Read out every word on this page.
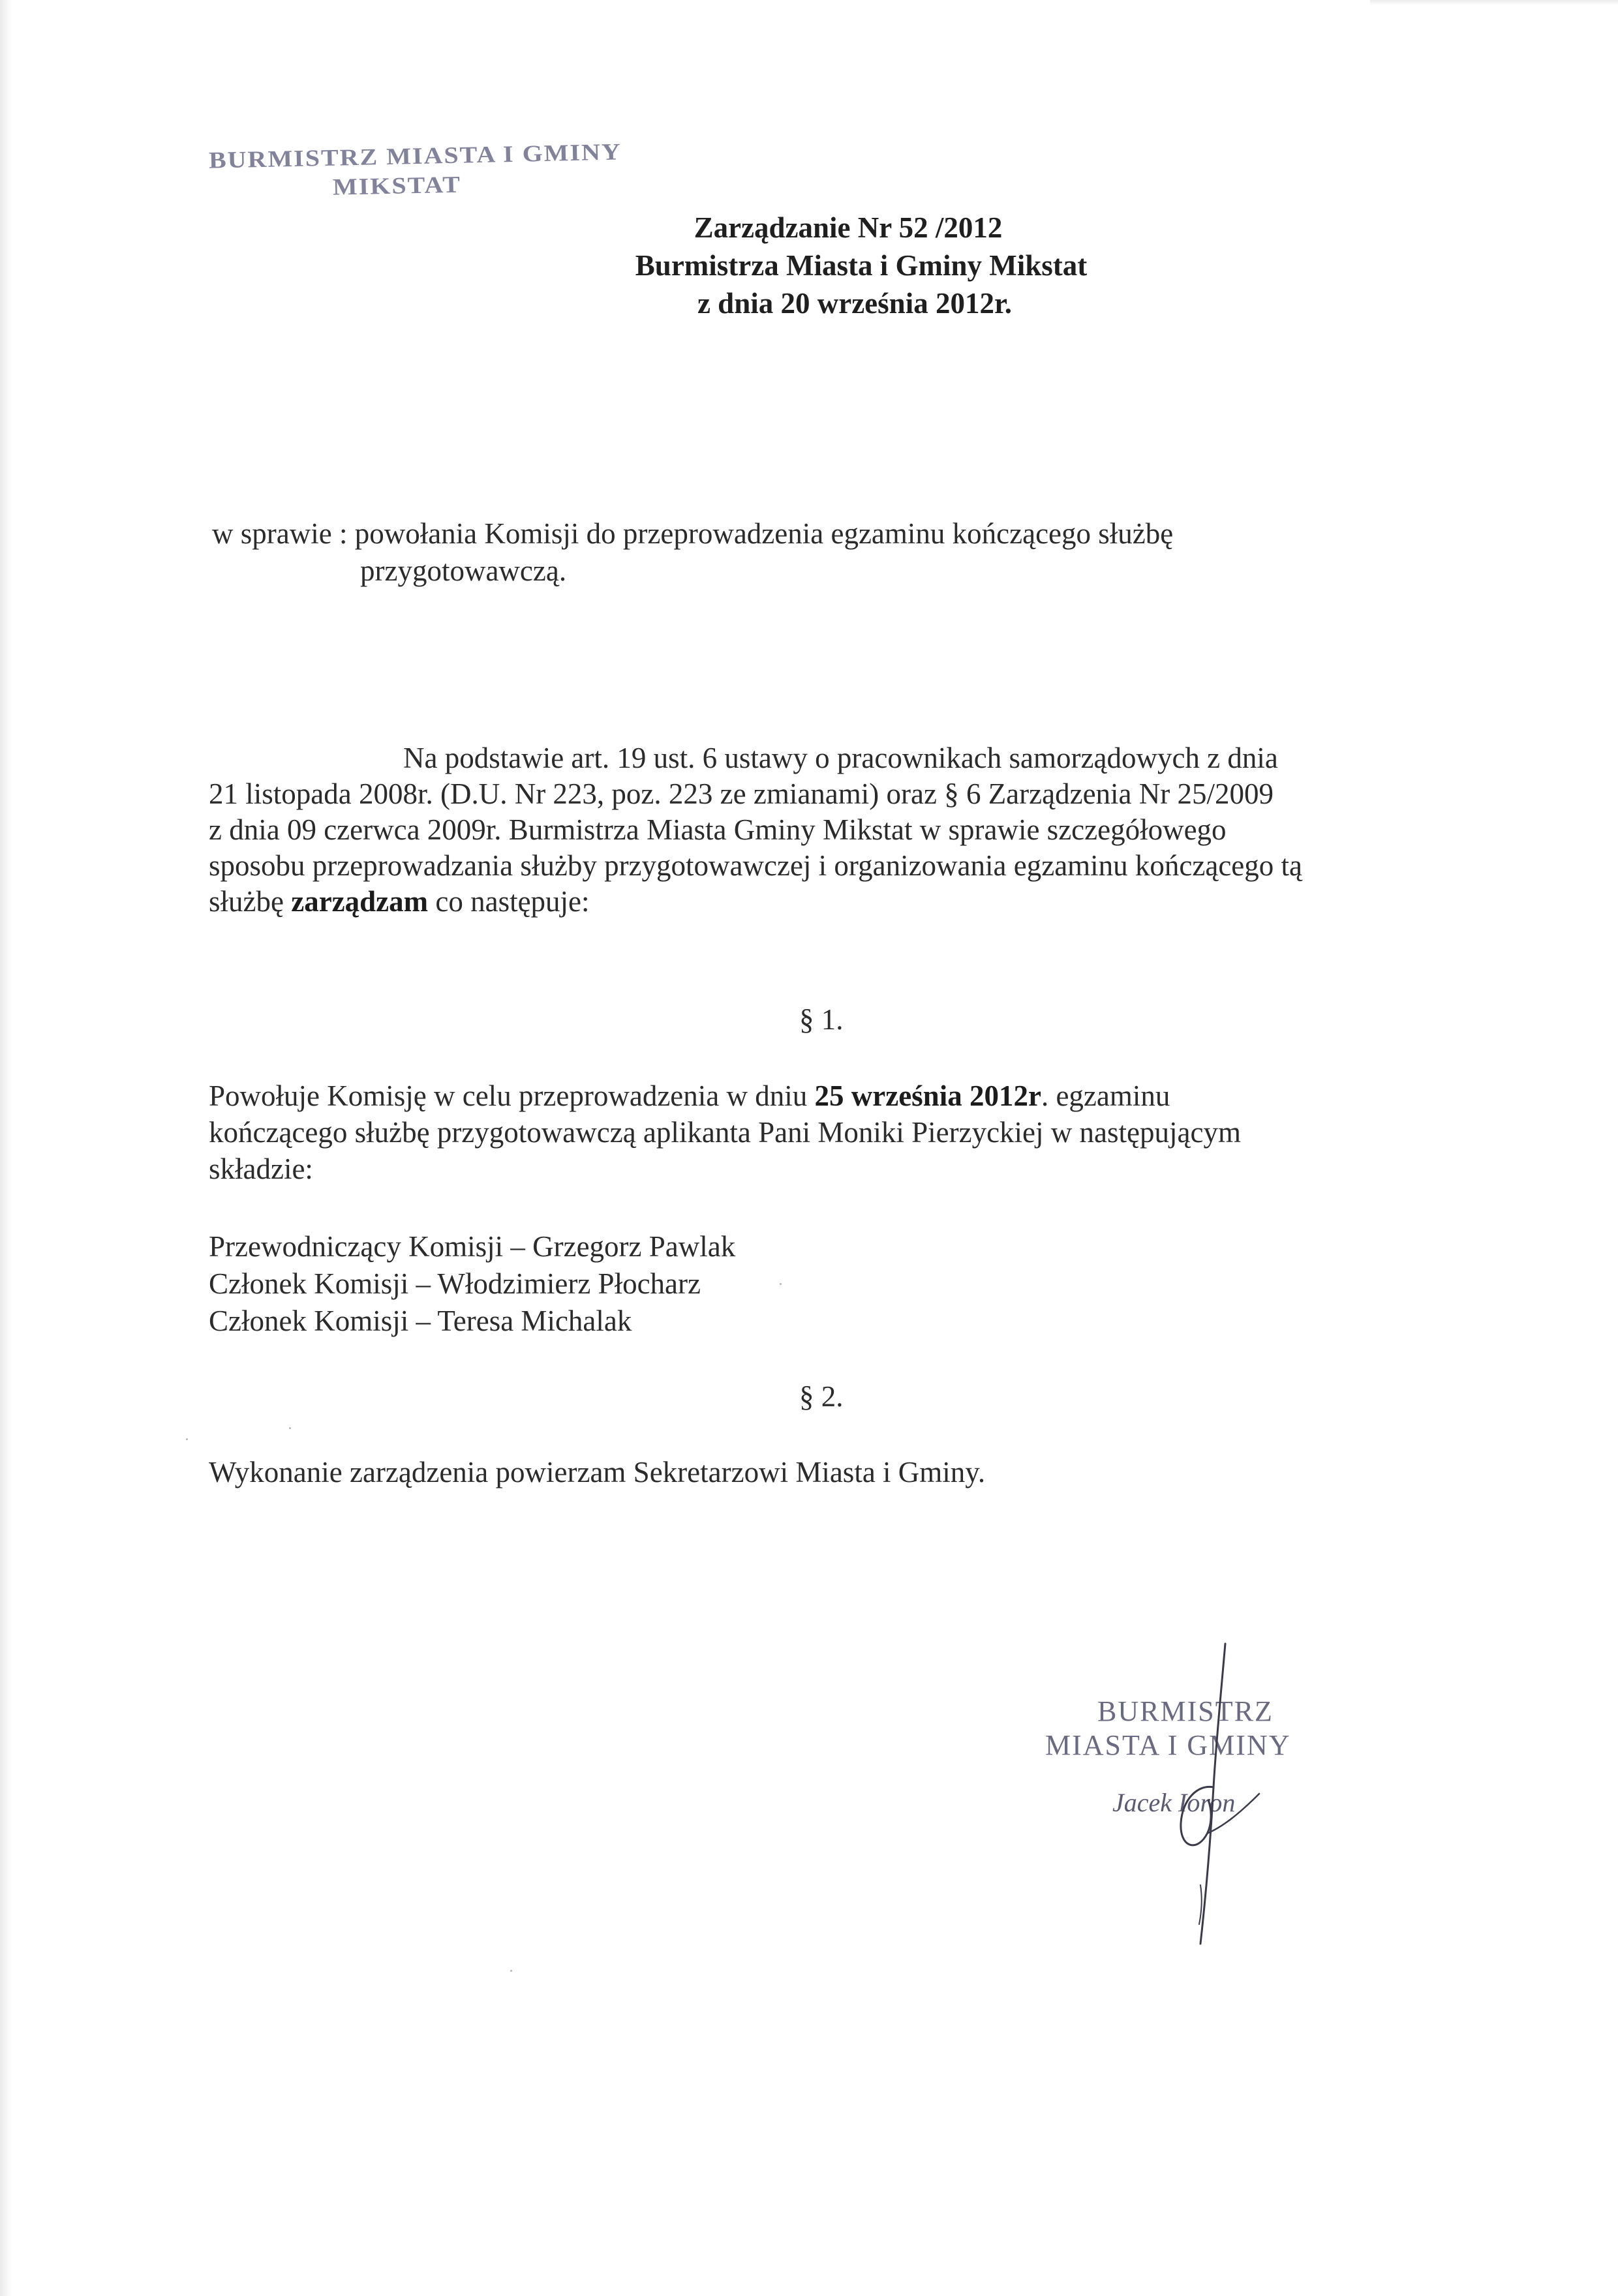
BURMISTRZ MIASTA I GMINY
MIKSTAT
Zarządzanie Nr 52 /2012
Burmistrza Miasta i Gminy Mikstat
z dnia 20 września 2012r.
w sprawie : powołania Komisji do przeprowadzenia egzaminu kończącego służbę
przygotowawczą.
Na podstawie art. 19 ust. 6 ustawy o pracownikach samorządowych z dnia
21 listopada 2008r. (D.U. Nr 223, poz. 223 ze zmianami) oraz § 6 Zarządzenia Nr 25/2009
z dnia 09 czerwca 2009r. Burmistrza Miasta Gminy Mikstat w sprawie szczegółowego
sposobu przeprowadzania służby przygotowawczej i organizowania egzaminu kończącego tą
służbę zarządzam co następuje:
§ 1.
Powołuje Komisję w celu przeprowadzenia w dniu 25 września 2012r. egzaminu
kończącego służbę przygotowawczą aplikanta Pani Moniki Pierzyckiej w następującym
składzie:
Przewodniczący Komisji – Grzegorz Pawlak
Członek Komisji – Włodzimierz Płocharz
Członek Komisji – Teresa Michalak
§ 2.
Wykonanie zarządzenia powierzam Sekretarzowi Miasta i Gminy.
BURMISTRZ
MIASTA I GMINY
Jacek Ioron
